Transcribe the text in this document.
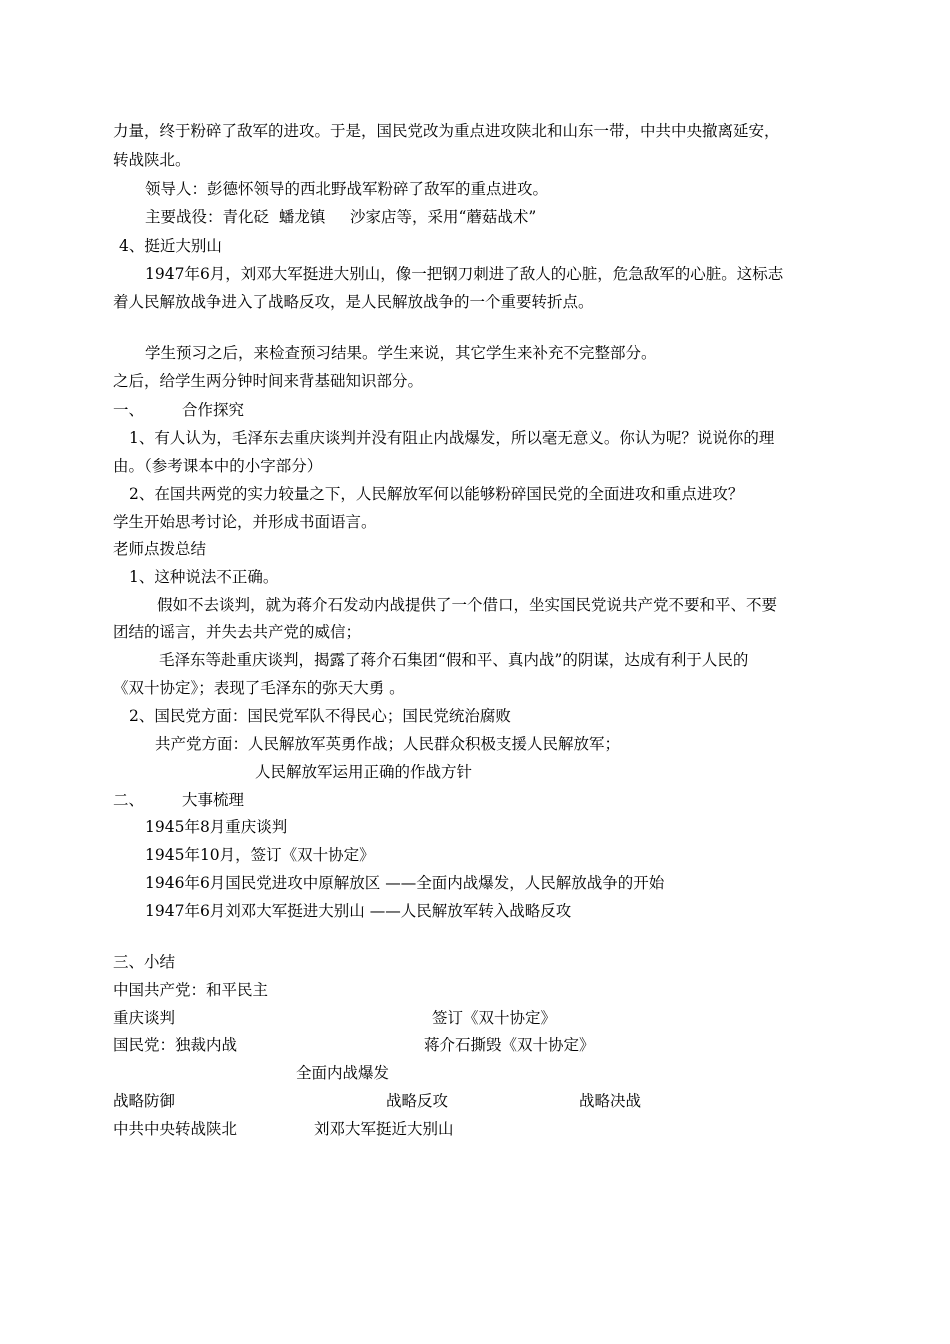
力量，终于粉碎了敌军的进攻。于是，国民党改为重点进攻陕北和山东一带，中共中央撤离延安，
转战陕北。
领导人：彭德怀领导的西北野战军粉碎了敌军的重点进攻。
主要战役：青化砭  蟠龙镇     沙家店等，采用“蘑菇战术”
4、挺近大别山
1947年6月，刘邓大军挺进大别山，像一把钢刀刺进了敌人的心脏，危急敌军的心脏。这标志
着人民解放战争进入了战略反攻，是人民解放战争的一个重要转折点。
学生预习之后，来检查预习结果。学生来说，其它学生来补充不完整部分。
之后，给学生两分钟时间来背基础知识部分。
一、 合作探究
1、有人认为，毛泽东去重庆谈判并没有阻止内战爆发，所以毫无意义。你认为呢？说说你的理
由。（参考课本中的小字部分）
2、在国共两党的实力较量之下，人民解放军何以能够粉碎国民党的全面进攻和重点进攻？
学生开始思考讨论，并形成书面语言。
老师点拨总结
1、这种说法不正确。
假如不去谈判，就为蒋介石发动内战提供了一个借口，坐实国民党说共产党不要和平、不要
团结的谣言，并失去共产党的威信；
毛泽东等赴重庆谈判，揭露了蒋介石集团“假和平、真内战”的阴谋，达成有利于人民的
《双十协定》；表现了毛泽东的弥天大勇 。
2、国民党方面：国民党军队不得民心；国民党统治腐败
共产党方面：人民解放军英勇作战；人民群众积极支援人民解放军；
人民解放军运用正确的作战方针
二、 大事梳理
1945年8月重庆谈判
1945年10月，签订《双十协定》
1946年6月国民党进攻中原解放区 ——全面内战爆发，人民解放战争的开始
1947年6月刘邓大军挺进大别山 ——人民解放军转入战略反攻
三、小结
中国共产党：和平民主
重庆谈判	签订《双十协定》
国民党：独裁内战	蒋介石撕毁《双十协定》
全面内战爆发
战略防御	战略反攻	战略决战
中共中央转战陕北	刘邓大军挺近大别山
